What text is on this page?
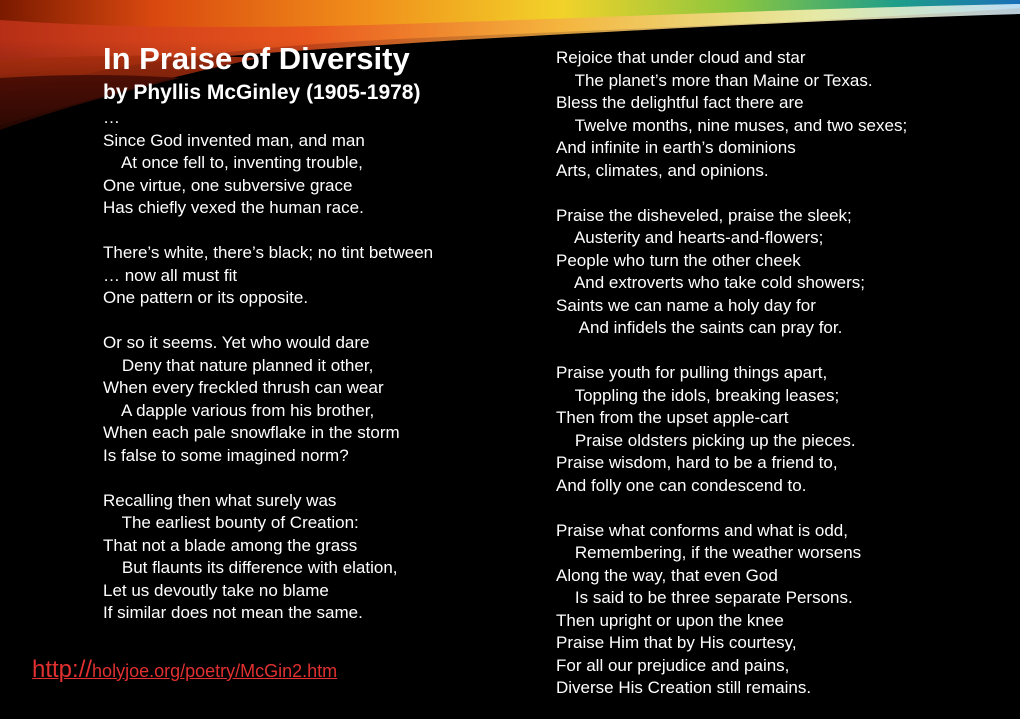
In Praise of Diversity
by Phyllis McGinley (1905-1978)
…
Since God invented man, and man
At once fell to, inventing trouble,
One virtue, one subversive grace
Has chiefly vexed the human race.
There’s white, there’s black; no tint between
… now all must fit
One pattern or its opposite.
Or so it seems. Yet who would dare
Deny that nature planned it other,
When every freckled thrush can wear
A dapple various from his brother,
When each pale snowflake in the storm
Is false to some imagined norm?
Recalling then what surely was
The earliest bounty of Creation:
That not a blade among the grass
But flaunts its difference with elation,
Let us devoutly take no blame
If similar does not mean the same.
Rejoice that under cloud and star
The planet’s more than Maine or Texas.
Bless the delightful fact there are
Twelve months, nine muses, and two sexes;
And infinite in earth’s dominions
Arts, climates, and opinions.
Praise the disheveled, praise the sleek;
Austerity and hearts-and-flowers;
People who turn the other cheek
And extroverts who take cold showers;
Saints we can name a holy day for
And infidels the saints can pray for.
Praise youth for pulling things apart,
Toppling the idols, breaking leases;
Then from the upset apple-cart
Praise oldsters picking up the pieces.
Praise wisdom, hard to be a friend to,
And folly one can condescend to.
Praise what conforms and what is odd,
Remembering, if the weather worsens
Along the way, that even God
Is said to be three separate Persons.
Then upright or upon the knee
Praise Him that by His courtesy,
For all our prejudice and pains,
Diverse His Creation still remains.
http://holyjoe.org/poetry/McGin2.htm
